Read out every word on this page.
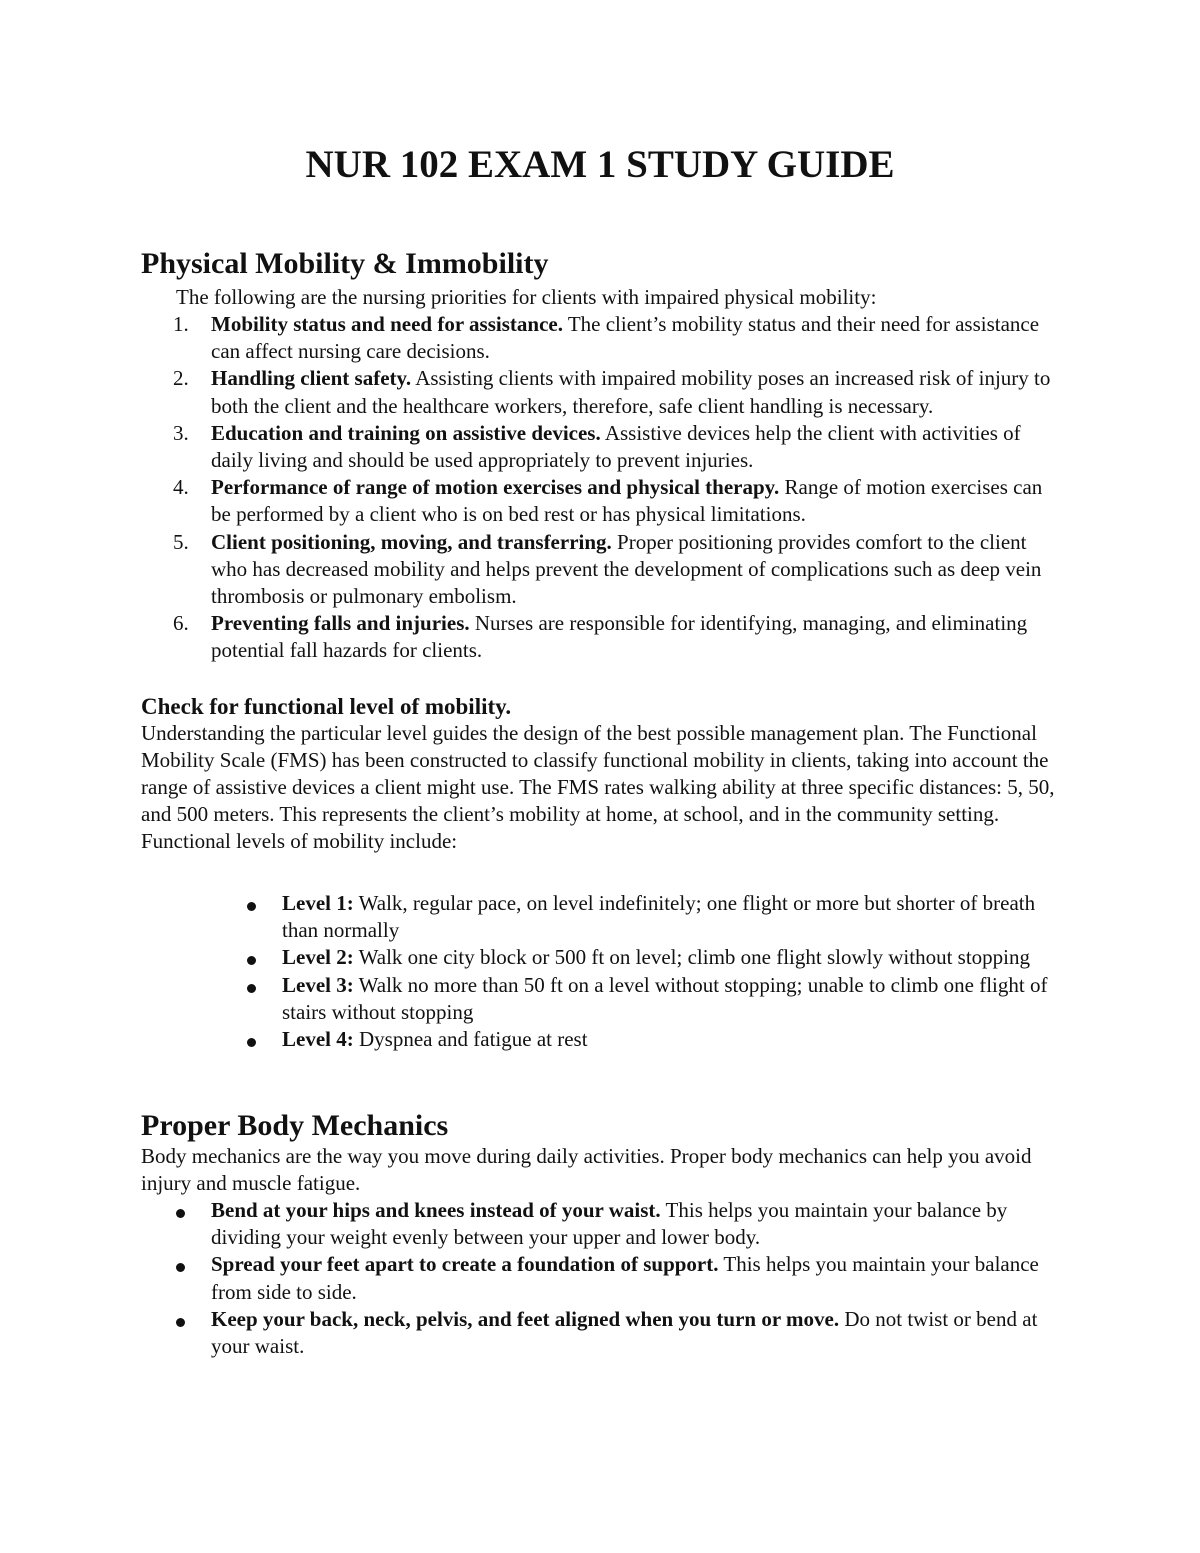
NUR 102 EXAM 1 STUDY GUIDE
Physical Mobility & Immobility

The following are the nursing priorities for clients with impaired physical mobility:

1.	Mobility status and need for assistance. The client’s mobility status and their need for assistance can affect nursing care decisions.
2.	Handling client safety. Assisting clients with impaired mobility poses an increased risk of injury to both the client and the healthcare workers, therefore, safe client handling is necessary.
3.	Education and training on assistive devices. Assistive devices help the client with activities of daily living and should be used appropriately to prevent injuries.
4.	Performance of range of motion exercises and physical therapy. Range of motion exercises can be performed by a client who is on bed rest or has physical limitations.
5.	Client positioning, moving, and transferring. Proper positioning provides comfort to the client who has decreased mobility and helps prevent the development of complications such as deep vein thrombosis or pulmonary embolism.
6.	Preventing falls and injuries. Nurses are responsible for identifying, managing, and eliminating potential fall hazards for clients.
Check for functional level of mobility.

Understanding the particular level guides the design of the best possible management plan. The Functional Mobility Scale (FMS) has been constructed to classify functional mobility in clients, taking into account the range of assistive devices a client might use. The FMS rates walking ability at three specific distances: 5, 50, and 500 meters. This represents the client’s mobility at home, at school, and in the community setting. Functional levels of mobility include:

Level 1: Walk, regular pace, on level indefinitely; one flight or more but shorter of breath than normally
Level 2: Walk one city block or 500 ft on level; climb one flight slowly without stopping
Level 3: Walk no more than 50 ft on a level without stopping; unable to climb one flight of stairs without stopping
Level 4: Dyspnea and fatigue at rest
Proper Body Mechanics

Body mechanics are the way you move during daily activities. Proper body mechanics can help you avoid injury and muscle fatigue.

Bend at your hips and knees instead of your waist. This helps you maintain your balance by dividing your weight evenly between your upper and lower body.
Spread your feet apart to create a foundation of support. This helps you maintain your balance from side to side.
Keep your back, neck, pelvis, and feet aligned when you turn or move. Do not twist or bend at your waist.
